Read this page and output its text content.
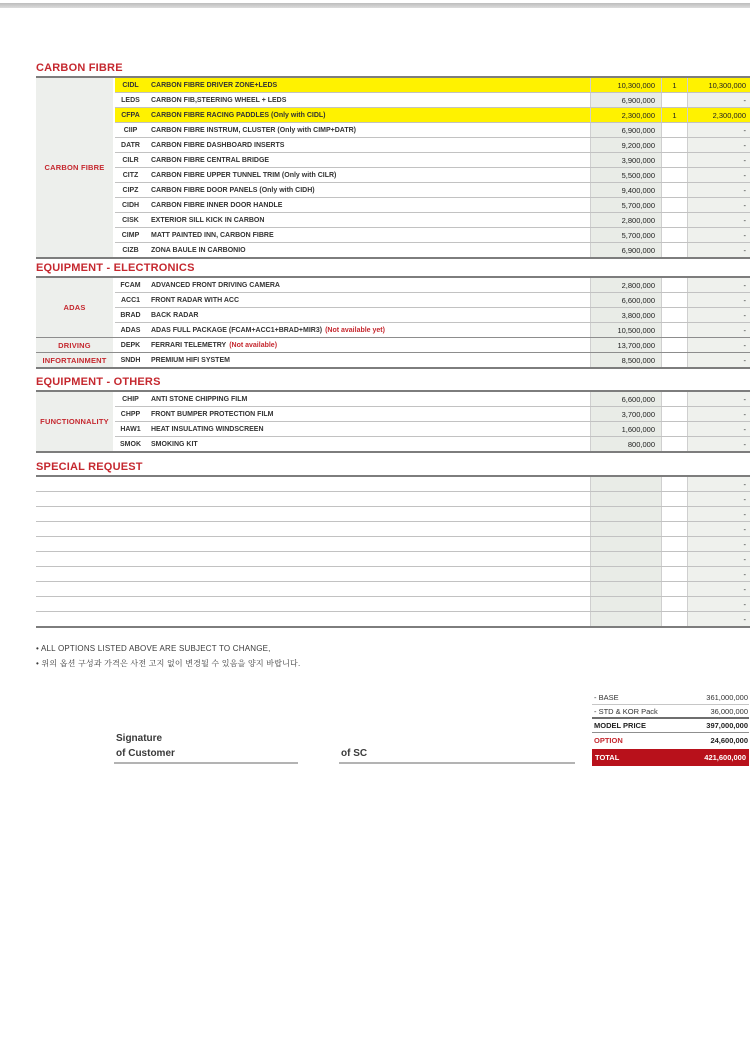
CARBON FIBRE
CARBON FIBRE
CIDL	CARBON FIBRE DRIVER ZONE+LEDS	10,300,000	1	10,300,000
LEDS	CARBON FIB,STEERING WHEEL + LEDS	6,900,000	-
CFPA	CARBON FIBRE RACING PADDLES (Only with CIDL)	2,300,000	1	2,300,000
CIIP	CARBON FIBRE INSTRUM, CLUSTER (Only with CIMP+DATR)	6,900,000	-
DATR	CARBON FIBRE DASHBOARD INSERTS	9,200,000	-
CILR	CARBON FIBRE CENTRAL BRIDGE	3,900,000	-
CITZ	CARBON FIBRE UPPER TUNNEL TRIM (Only with CILR)	5,500,000	-
CIPZ	CARBON FIBRE DOOR PANELS (Only with CIDH)	9,400,000	-
CIDH	CARBON FIBRE INNER DOOR HANDLE	5,700,000	-
CISK	EXTERIOR SILL KICK IN CARBON	2,800,000	-
CIMP	MATT PAINTED INN, CARBON FIBRE	5,700,000	-
CIZB	ZONA BAULE IN CARBONIO	6,900,000	-
EQUIPMENT - ELECTRONICS
ADAS
FCAM	ADVANCED FRONT DRIVING CAMERA	2,800,000	-
ACC1	FRONT RADAR WITH ACC	6,600,000	-
BRAD	BACK RADAR	3,800,000	-
ADAS	ADAS FULL PACKAGE (FCAM+ACC1+BRAD+MIR3) (Not available yet)	10,500,000	-
DRIVING	DEPK	FERRARI TELEMETRY (Not available)	13,700,000	-
INFORTAINMENT	SNDH	PREMIUM HIFI SYSTEM	8,500,000	-
EQUIPMENT - OTHERS
FUNCTIONNALITY
CHIP	ANTI STONE CHIPPING FILM	6,600,000	-
CHPP	FRONT BUMPER PROTECTION FILM	3,700,000	-
HAW1	HEAT INSULATING WINDSCREEN	1,600,000	-
SMOK	SMOKING KIT	800,000	-
SPECIAL REQUEST
-
-
-
-
-
-
-
-
-
-
• ALL OPTIONS LISTED ABOVE ARE SUBJECT TO CHANGE,
• 위의 옵션 구성과 가격은 사전 고지 없이 변경될 수 있음을 양지 바랍니다.
- BASE	361,000,000
- STD & KOR Pack	36,000,000
MODEL PRICE	397,000,000
OPTION	24,600,000
TOTAL	421,600,000
Signature
of Customer	of SC
